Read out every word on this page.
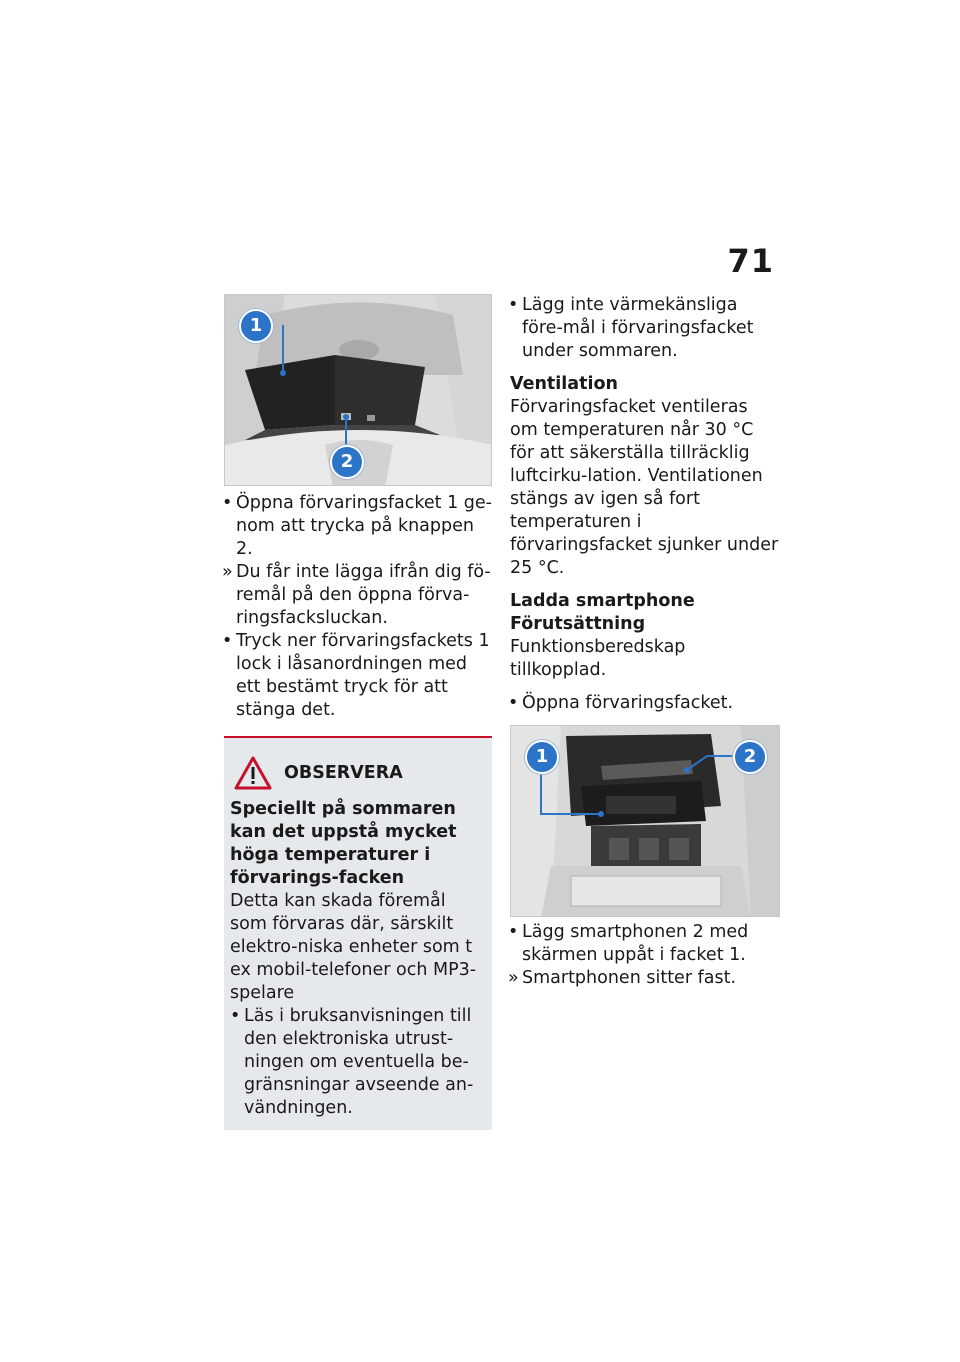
71
1
2
• Öppna förvaringsfacket 1 ge-nom att trycka på knappen 2.
» Du får inte lägga ifrån dig fö-remål på den öppna förva-ringsfacksluckan.
• Tryck ner förvaringsfackets 1 lock i låsanordningen med ett bestämt tryck för att stänga det.
OBSERVERA

Speciellt på sommaren kan det uppstå mycket höga temperaturer i förvarings-facken

Detta kan skada föremål som förvaras där, särskilt elektro-niska enheter som t ex mobil-telefoner och MP3-spelare

• Läs i bruksanvisningen till den elektroniska utrust-ningen om eventuella be-gränsningar avseende an-vändningen.
• Lägg inte värmekänsliga före-mål i förvaringsfacket under sommaren.

Ventilation

Förvaringsfacket ventileras om temperaturen når 30 °C för att säkerställa tillräcklig luftcirku-lation. Ventilationen stängs av igen så fort temperaturen i förvaringsfacket sjunker under 25 °C.

Ladda smartphone

Förutsättning

Funktionsberedskap tillkopplad.

• Öppna förvaringsfacket.
1	2
• Lägg smartphonen 2 med skärmen uppåt i facket 1.
» Smartphonen sitter fast.
